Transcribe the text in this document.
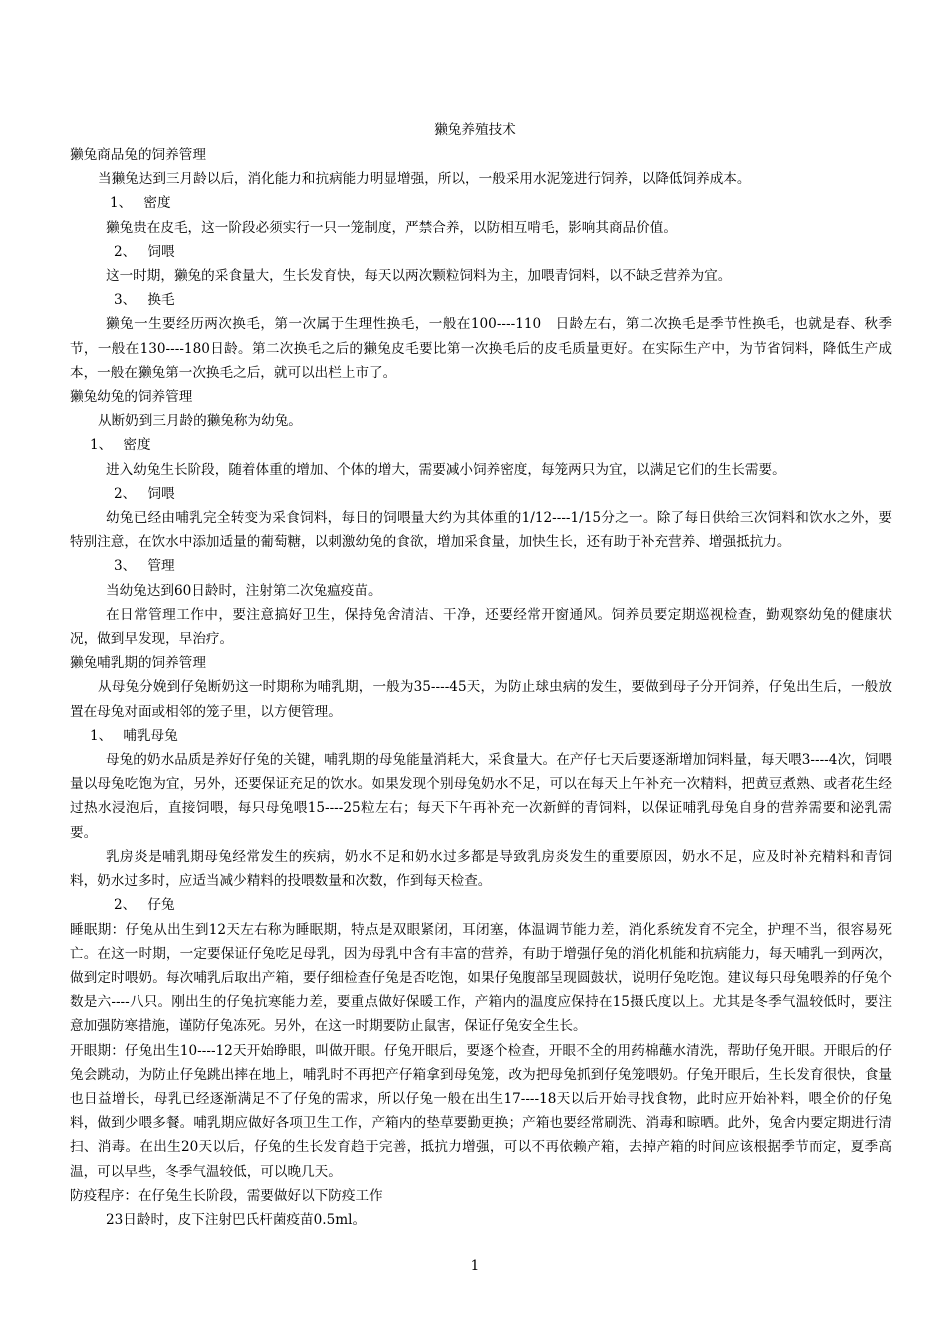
獭兔养殖技术

獭兔商品兔的饲养管理

当獭兔达到三月龄以后，消化能力和抗病能力明显增强，所以，一般采用水泥笼进行饲养，以降低饲养成本。

1、　 密度

獭兔贵在皮毛，这一阶段必须实行一只一笼制度，严禁合养，以防相互啃毛，影响其商品价值。

2、　 饲喂

这一时期，獭兔的采食量大，生长发育快，每天以两次颗粒饲料为主，加喂青饲料，以不缺乏营养为宜。

3、　 换毛

獭兔一生要经历两次换毛，第一次属于生理性换毛，一般在100----110　日龄左右，第二次换毛是季节性换毛，也就是春、秋季节，一般在130----180日龄。第二次换毛之后的獭兔皮毛要比第一次换毛后的皮毛质量更好。在实际生产中，为节省饲料，降低生产成本，一般在獭兔第一次换毛之后，就可以出栏上市了。

獭兔幼兔的饲养管理

从断奶到三月龄的獭兔称为幼兔。

1、　 密度

进入幼兔生长阶段，随着体重的增加、个体的增大，需要减小饲养密度，每笼两只为宜，以满足它们的生长需要。

2、　 饲喂

幼兔已经由哺乳完全转变为采食饲料，每日的饲喂量大约为其体重的1/12----1/15分之一。除了每日供给三次饲料和饮水之外，要特别注意，在饮水中添加适量的葡萄糖，以刺激幼兔的食欲，增加采食量，加快生长，还有助于补充营养、增强抵抗力。

3、　 管理

当幼兔达到60日龄时，注射第二次兔瘟疫苗。

在日常管理工作中，要注意搞好卫生，保持兔舍清洁、干净，还要经常开窗通风。饲养员要定期巡视检查，勤观察幼兔的健康状况，做到早发现，早治疗。

獭兔哺乳期的饲养管理

从母兔分娩到仔兔断奶这一时期称为哺乳期，一般为35----45天，为防止球虫病的发生，要做到母子分开饲养，仔兔出生后，一般放置在母兔对面或相邻的笼子里，以方便管理。

1、　 哺乳母兔

母兔的奶水品质是养好仔兔的关键，哺乳期的母兔能量消耗大，采食量大。在产仔七天后要逐渐增加饲料量，每天喂3----4次，饲喂量以母兔吃饱为宜，另外，还要保证充足的饮水。如果发现个别母兔奶水不足，可以在每天上午补充一次精料，把黄豆煮熟、或者花生经过热水浸泡后，直接饲喂，每只母兔喂15----25粒左右；每天下午再补充一次新鲜的青饲料，以保证哺乳母兔自身的营养需要和泌乳需要。

乳房炎是哺乳期母兔经常发生的疾病，奶水不足和奶水过多都是导致乳房炎发生的重要原因，奶水不足，应及时补充精料和青饲料，奶水过多时，应适当减少精料的投喂数量和次数，作到每天检查。

2、　 仔兔

睡眠期：仔兔从出生到12天左右称为睡眠期，特点是双眼紧闭，耳闭塞，体温调节能力差，消化系统发育不完全，护理不当，很容易死亡。在这一时期，一定要保证仔兔吃足母乳，因为母乳中含有丰富的营养，有助于增强仔兔的消化机能和抗病能力，每天哺乳一到两次，做到定时喂奶。每次哺乳后取出产箱，要仔细检查仔兔是否吃饱，如果仔兔腹部呈现圆鼓状，说明仔兔吃饱。建议每只母兔喂养的仔兔个数是六----八只。刚出生的仔兔抗寒能力差，要重点做好保暖工作，产箱内的温度应保持在15摄氏度以上。尤其是冬季气温较低时，要注意加强防寒措施，谨防仔兔冻死。另外，在这一时期要防止鼠害，保证仔兔安全生长。

开眼期：仔兔出生10----12天开始睁眼，叫做开眼。仔兔开眼后，要逐个检查，开眼不全的用药棉蘸水清洗，帮助仔兔开眼。开眼后的仔兔会跳动，为防止仔兔跳出摔在地上，哺乳时不再把产仔箱拿到母兔笼，改为把母兔抓到仔兔笼喂奶。仔兔开眼后，生长发育很快，食量也日益增长，母乳已经逐渐满足不了仔兔的需求，所以仔兔一般在出生17----18天以后开始寻找食物，此时应开始补料，喂全价的仔兔料，做到少喂多餐。哺乳期应做好各项卫生工作，产箱内的垫草要勤更换；产箱也要经常刷洗、消毒和晾晒。此外，兔舍内要定期进行清扫、消毒。在出生20天以后，仔兔的生长发育趋于完善，抵抗力增强，可以不再依赖产箱，去掉产箱的时间应该根据季节而定，夏季高温，可以早些，冬季气温较低，可以晚几天。

防疫程序：在仔兔生长阶段，需要做好以下防疫工作

23日龄时，皮下注射巴氏杆菌疫苗0.5ml。

1
